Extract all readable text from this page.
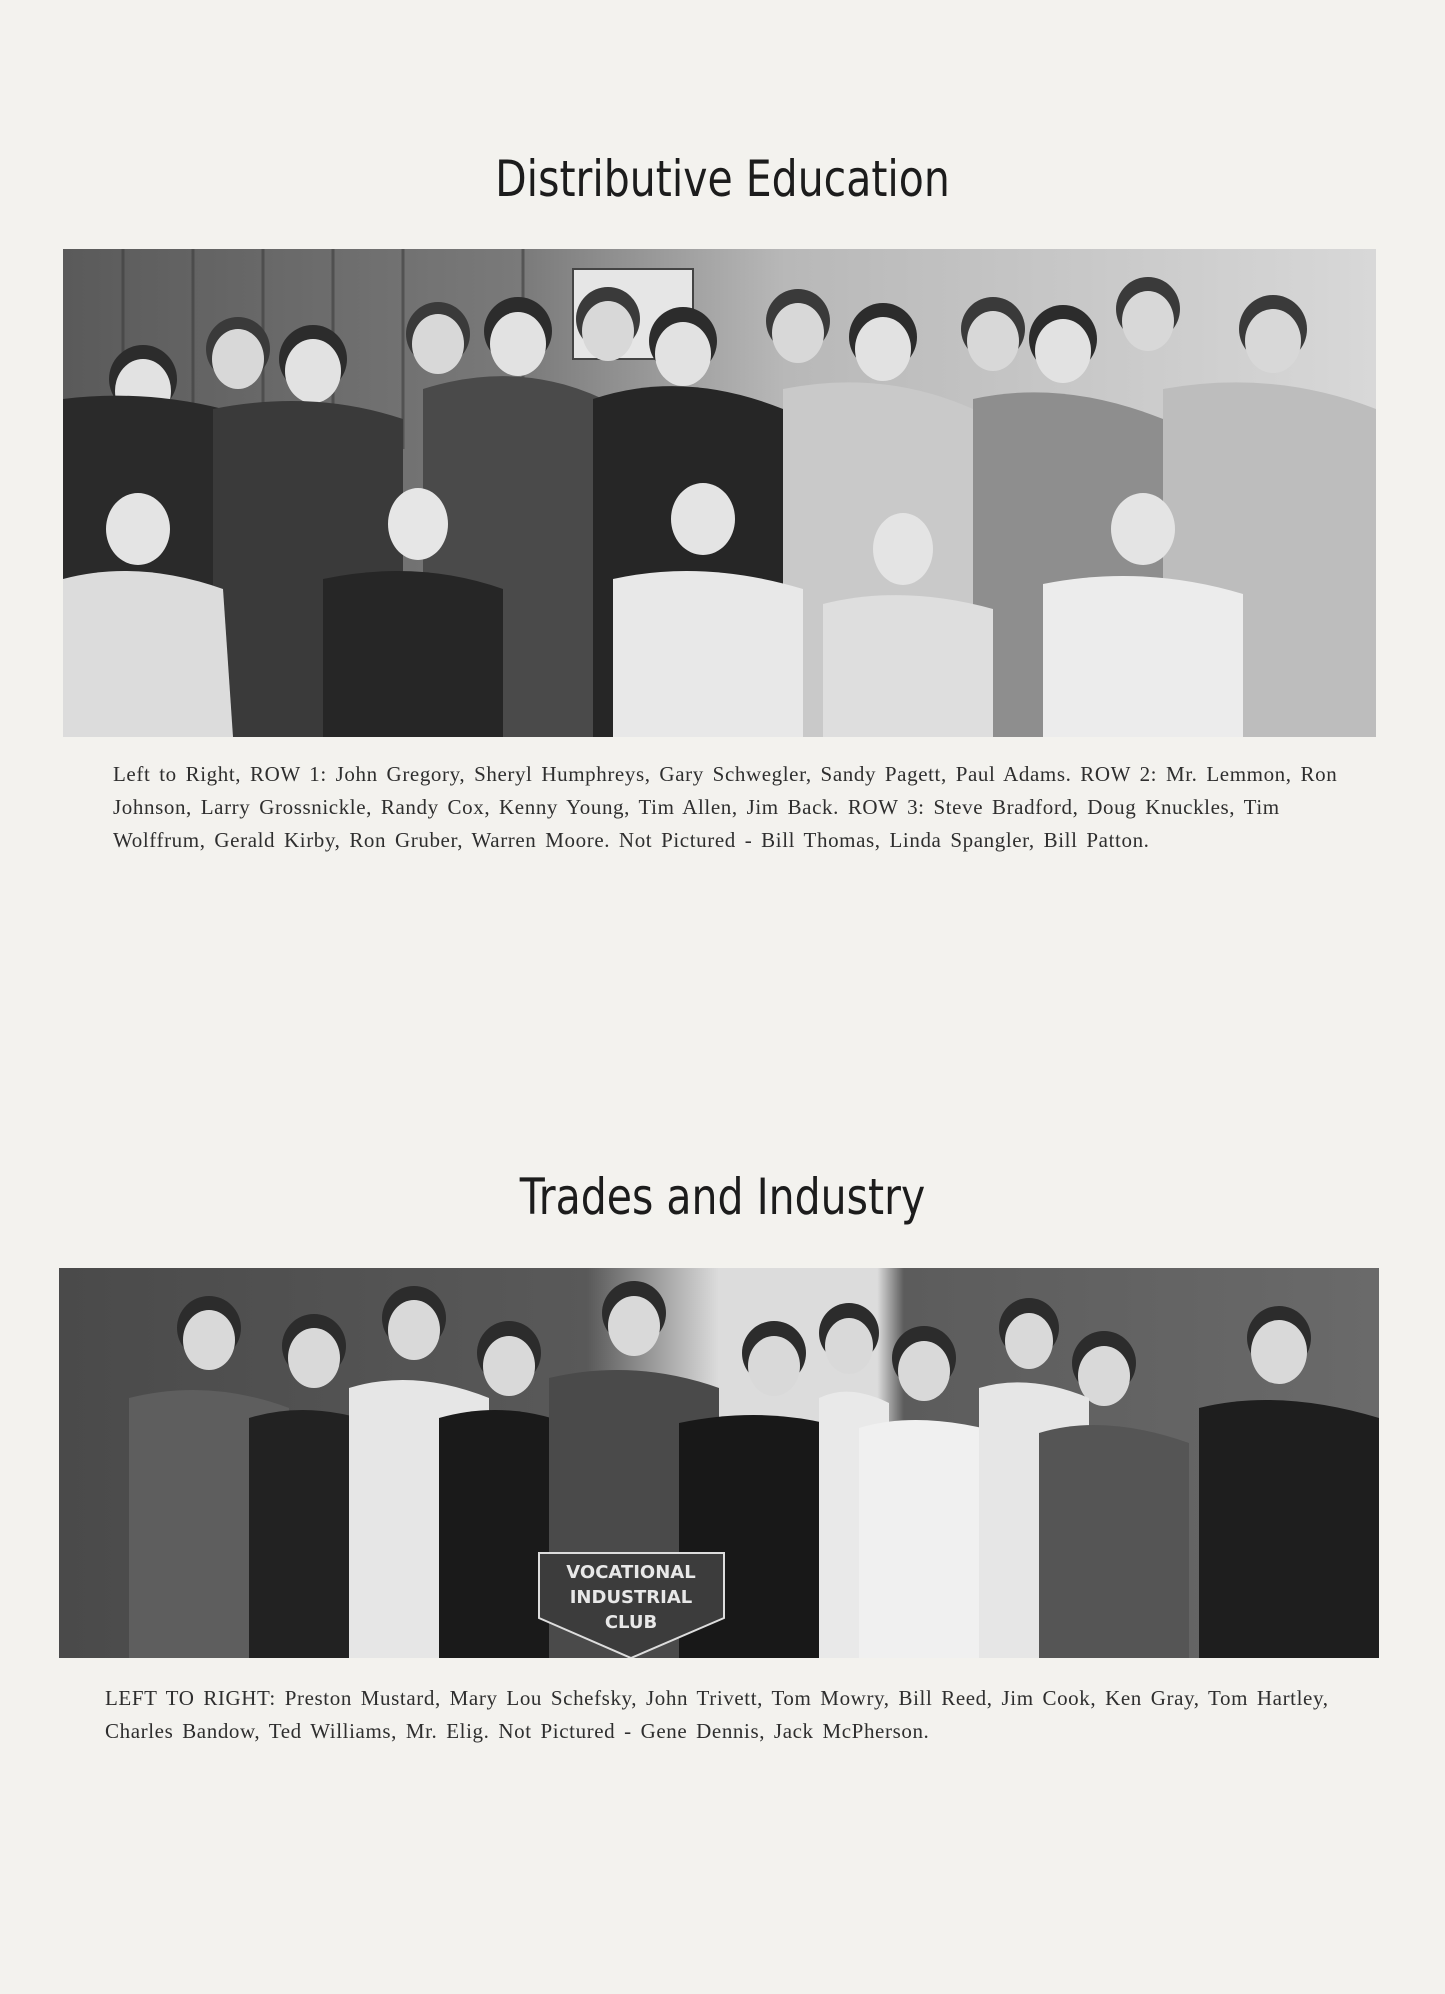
Distributive Education

Left to Right, ROW 1: John Gregory, Sheryl Humphreys, Gary Schwegler, Sandy Pagett, Paul Adams. ROW 2: Mr. Lemmon, Ron Johnson, Larry Grossnickle, Randy Cox, Kenny Young, Tim Allen, Jim Back. ROW 3: Steve Bradford, Doug Knuckles, Tim Wolffrum, Gerald Kirby, Ron Gruber, Warren Moore. Not Pictured - Bill Thomas, Linda Spangler, Bill Patton.

Trades and Industry
VOCATIONAL
INDUSTRIAL
CLUB

LEFT TO RIGHT: Preston Mustard, Mary Lou Schefsky, John Trivett, Tom Mowry, Bill Reed, Jim Cook, Ken Gray, Tom Hartley, Charles Bandow, Ted Williams, Mr. Elig. Not Pictured - Gene Dennis, Jack McPherson.
